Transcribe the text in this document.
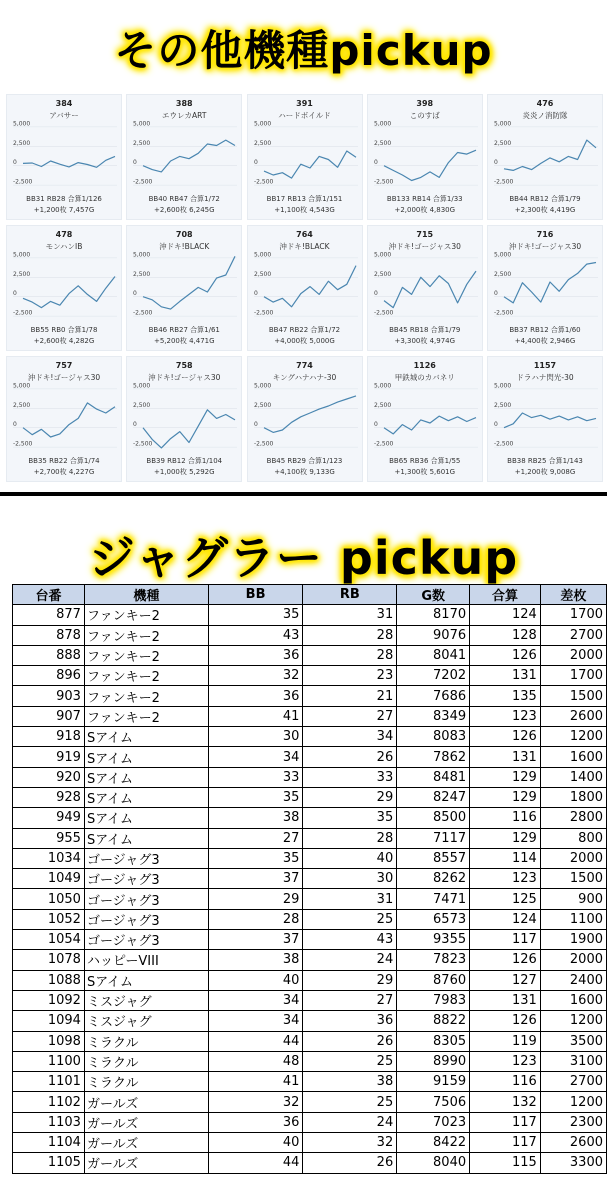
その他機種pickup
384
アバサー
BB31 RB28 合算1/126
+1,200枚 7,457G
5,000
2,500
0
-2,500
388
エウレカART
BB40 RB47 合算1/72
+2,600枚 6,245G
5,000
2,500
0
-2,500
391
ハードボイルド
BB17 RB13 合算1/151
+1,100枚 4,543G
5,000
2,500
0
-2,500
398
このすば
BB133 RB14 合算1/33
+2,000枚 4,830G
5,000
2,500
0
-2,500
476
炎炎ノ消防隊
BB44 RB12 合算1/79
+2,300枚 4,419G
5,000
2,500
0
-2,500
478
モンハンIB
BB55 RB0 合算1/78
+2,600枚 4,282G
5,000
2,500
0
-2,500
708
沖ドキ!BLACK
BB46 RB27 合算1/61
+5,200枚 4,471G
5,000
2,500
0
-2,500
764
沖ドキ!BLACK
BB47 RB22 合算1/72
+4,000枚 5,000G
5,000
2,500
0
-2,500
715
沖ドキ!ゴージャス30
BB45 RB18 合算1/79
+3,300枚 4,974G
5,000
2,500
0
-2,500
716
沖ドキ!ゴージャス30
BB37 RB12 合算1/60
+4,400枚 2,946G
5,000
2,500
0
-2,500
757
沖ドキ!ゴージャス30
BB35 RB22 合算1/74
+2,700枚 4,227G
5,000
2,500
0
-2,500
758
沖ドキ!ゴージャス30
BB39 RB12 合算1/104
+1,000枚 5,292G
5,000
2,500
0
-2,500
774
キングハナハナ-30
BB45 RB29 合算1/123
+4,100枚 9,133G
5,000
2,500
0
-2,500
1126
甲鉄城のカバネリ
BB65 RB36 合算1/55
+1,300枚 5,601G
5,000
2,500
0
-2,500
1157
ドラハナ閃光-30
BB38 RB25 合算1/143
+1,200枚 9,008G
5,000
2,500
0
-2,500
ジャグラー pickup
台番	機種	BB	RB	G数	合算	差枚
877	ファンキー2	35	31	8170	124	1700
878	ファンキー2	43	28	9076	128	2700
888	ファンキー2	36	28	8041	126	2000
896	ファンキー2	32	23	7202	131	1700
903	ファンキー2	36	21	7686	135	1500
907	ファンキー2	41	27	8349	123	2600
918	Sアイム	30	34	8083	126	1200
919	Sアイム	34	26	7862	131	1600
920	Sアイム	33	33	8481	129	1400
928	Sアイム	35	29	8247	129	1800
949	Sアイム	38	35	8500	116	2800
955	Sアイム	27	28	7117	129	800
1034	ゴージャグ3	35	40	8557	114	2000
1049	ゴージャグ3	37	30	8262	123	1500
1050	ゴージャグ3	29	31	7471	125	900
1052	ゴージャグ3	28	25	6573	124	1100
1054	ゴージャグ3	37	43	9355	117	1900
1078	ハッピーVIII	38	24	7823	126	2000
1088	Sアイム	40	29	8760	127	2400
1092	ミスジャグ	34	27	7983	131	1600
1094	ミスジャグ	34	36	8822	126	1200
1098	ミラクル	44	26	8305	119	3500
1100	ミラクル	48	25	8990	123	3100
1101	ミラクル	41	38	9159	116	2700
1102	ガールズ	32	25	7506	132	1200
1103	ガールズ	36	24	7023	117	2300
1104	ガールズ	40	32	8422	117	2600
1105	ガールズ	44	26	8040	115	3300
